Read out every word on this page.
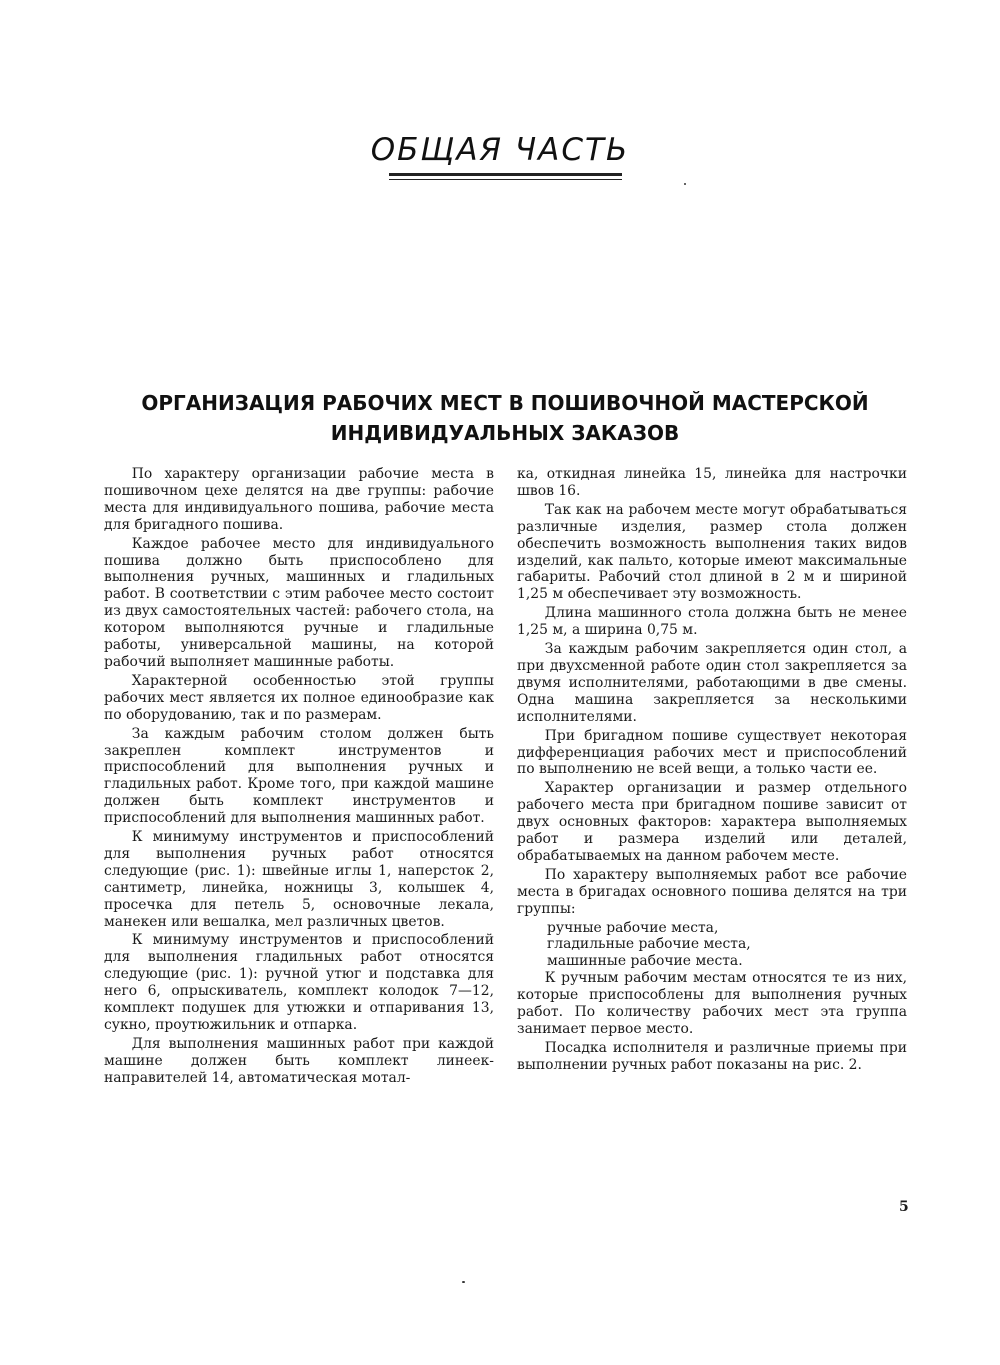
ОБЩАЯ ЧАСТЬ
ОРГАНИЗАЦИЯ РАБОЧИХ МЕСТ В ПОШИВОЧНОЙ МАСТЕРСКОЙ
ИНДИВИДУАЛЬНЫХ ЗАКАЗОВ

По характеру организации рабочие места в пошивочном цехе делятся на две группы: рабочие места для индивидуального пошива, рабочие места для бригадного пошива.

Каждое рабочее место для индивидуального пошива должно быть приспособлено для выполнения ручных, машинных и гладильных работ. В соответствии с этим рабочее место состоит из двух самостоятельных частей: рабочего стола, на котором выполняются ручные и гладильные работы, универсальной машины, на которой рабочий выполняет машинные работы.

Характерной особенностью этой группы рабочих мест является их полное единообразие как по оборудованию, так и по размерам.

За каждым рабочим столом должен быть закреплен комплект инструментов и приспособлений для выполнения ручных и гладильных работ. Кроме того, при каждой машине должен быть комплект инструментов и приспособлений для выполнения машинных работ.

К минимуму инструментов и приспособлений для выполнения ручных работ относятся следующие (рис. 1): швейные иглы 1, наперсток 2, сантиметр, линейка, ножницы 3, колышек 4, просечка для петель 5, основочные лекала, манекен или вешалка, мел различных цветов.

К минимуму инструментов и приспособлений для выполнения гладильных работ относятся следующие (рис. 1): ручной утюг и подставка для него 6, опрыскиватель, комплект колодок 7—12, комплект подушек для утюжки и отпаривания 13, сукно, проутюжильник и отпарка.

Для выполнения машинных работ при каждой машине должен быть комплект линеек-направителей 14, автоматическая мотал-

ка, откидная линейка 15, линейка для настрочки швов 16.

Так как на рабочем месте могут обрабатываться различные изделия, размер стола должен обеспечить возможность выполнения таких видов изделий, как пальто, которые имеют максимальные габариты. Рабочий стол длиной в 2 м и шириной 1,25 м обеспечивает эту возможность.

Длина машинного стола должна быть не менее 1,25 м, а ширина 0,75 м.

За каждым рабочим закрепляется один стол, а при двухсменной работе один стол закрепляется за двумя исполнителями, работающими в две смены. Одна машина закрепляется за несколькими исполнителями.

При бригадном пошиве существует некоторая дифференциация рабочих мест и приспособлений по выполнению не всей вещи, а только части ее.

Характер организации и размер отдельного рабочего места при бригадном пошиве зависит от двух основных факторов: характера выполняемых работ и размера изделий или деталей, обрабатываемых на данном рабочем месте.

По характеру выполняемых работ все рабочие места в бригадах основного пошива делятся на три группы:

ручные рабочие места,

гладильные рабочие места,

машинные рабочие места.

К ручным рабочим местам относятся те из них, которые приспособлены для выполнения ручных работ. По количеству рабочих мест эта группа занимает первое место.

Посадка исполнителя и различные приемы при выполнении ручных работ показаны на рис. 2.

5
